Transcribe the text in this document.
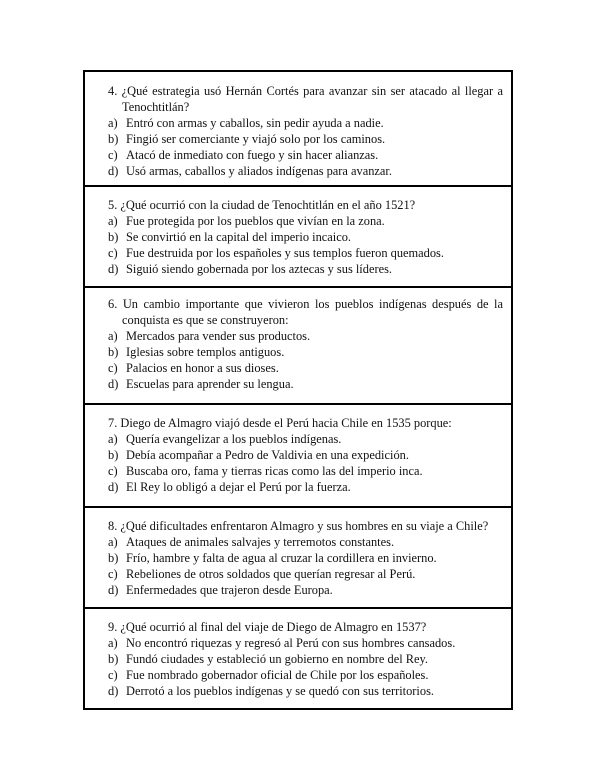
4. ¿Qué estrategia usó Hernán Cortés para avanzar sin ser atacado al llegar a Tenochtitlán?

a) Entró con armas y caballos, sin pedir ayuda a nadie.
b) Fingió ser comerciante y viajó solo por los caminos.
c) Atacó de inmediato con fuego y sin hacer alianzas.
d) Usó armas, caballos y aliados indígenas para avanzar.

5. ¿Qué ocurrió con la ciudad de Tenochtitlán en el año 1521?

a) Fue protegida por los pueblos que vivían en la zona.
b) Se convirtió en la capital del imperio incaico.
c) Fue destruida por los españoles y sus templos fueron quemados.
d) Siguió siendo gobernada por los aztecas y sus líderes.

6. Un cambio importante que vivieron los pueblos indígenas después de la conquista es que se construyeron:

a) Mercados para vender sus productos.
b) Iglesias sobre templos antiguos.
c) Palacios en honor a sus dioses.
d) Escuelas para aprender su lengua.

7. Diego de Almagro viajó desde el Perú hacia Chile en 1535 porque:

a) Quería evangelizar a los pueblos indígenas.
b) Debía acompañar a Pedro de Valdivia en una expedición.
c) Buscaba oro, fama y tierras ricas como las del imperio inca.
d) El Rey lo obligó a dejar el Perú por la fuerza.

8. ¿Qué dificultades enfrentaron Almagro y sus hombres en su viaje a Chile?

a) Ataques de animales salvajes y terremotos constantes.
b) Frío, hambre y falta de agua al cruzar la cordillera en invierno.
c) Rebeliones de otros soldados que querían regresar al Perú.
d) Enfermedades que trajeron desde Europa.

9. ¿Qué ocurrió al final del viaje de Diego de Almagro en 1537?

a) No encontró riquezas y regresó al Perú con sus hombres cansados.
b) Fundó ciudades y estableció un gobierno en nombre del Rey.
c) Fue nombrado gobernador oficial de Chile por los españoles.
d) Derrotó a los pueblos indígenas y se quedó con sus territorios.
